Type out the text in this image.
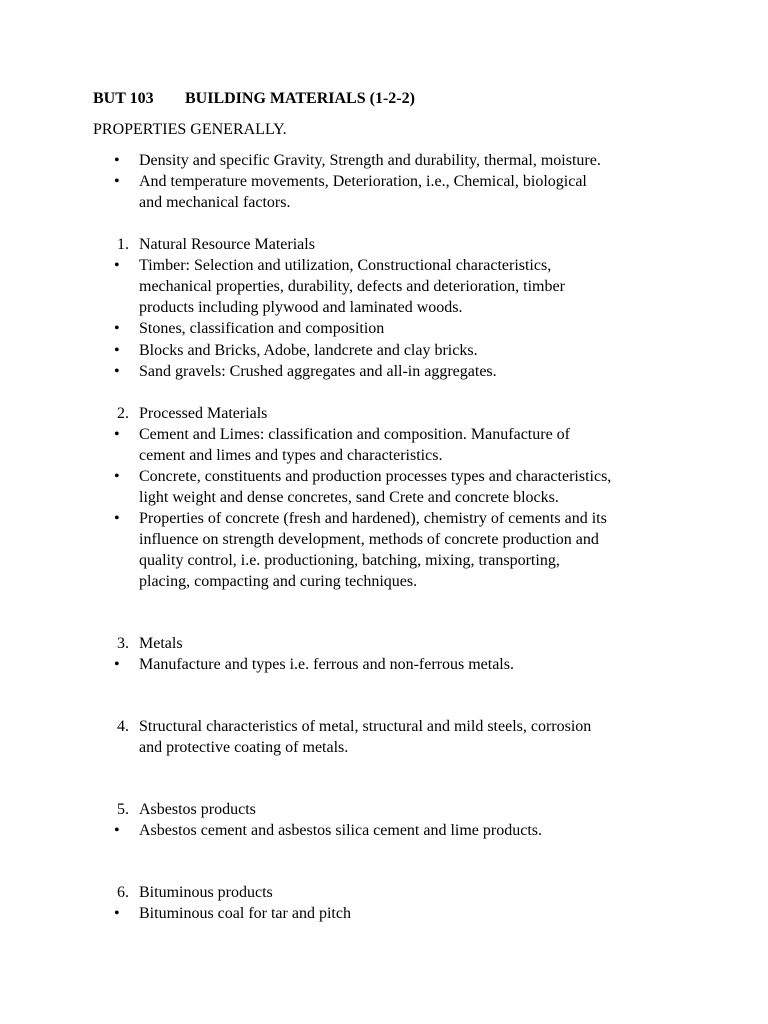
BUT 103 BUILDING MATERIALS (1-2-2)
PROPERTIES GENERALLY.
•	Density and specific Gravity, Strength and durability, thermal, moisture.
•	And temperature movements, Deterioration, i.e., Chemical, biological
and mechanical factors.
1. Natural Resource Materials
•	Timber: Selection and utilization, Constructional characteristics,
mechanical properties, durability, defects and deterioration, timber
products including plywood and laminated woods.
•	Stones, classification and composition
•	Blocks and Bricks, Adobe, landcrete and clay bricks.
•	Sand gravels: Crushed aggregates and all-in aggregates.
2. Processed Materials
•	Cement and Limes: classification and composition. Manufacture of
cement and limes and types and characteristics.
•	Concrete, constituents and production processes types and characteristics,
light weight and dense concretes, sand Crete and concrete blocks.
•	Properties of concrete (fresh and hardened), chemistry of cements and its
influence on strength development, methods of concrete production and
quality control, i.e. productioning, batching, mixing, transporting,
placing, compacting and curing techniques.
3. Metals
•	Manufacture and types i.e. ferrous and non-ferrous metals.
4. Structural characteristics of metal, structural and mild steels, corrosion
and protective coating of metals.
5. Asbestos products
•	Asbestos cement and asbestos silica cement and lime products.
6. Bituminous products
•	Bituminous coal for tar and pitch
